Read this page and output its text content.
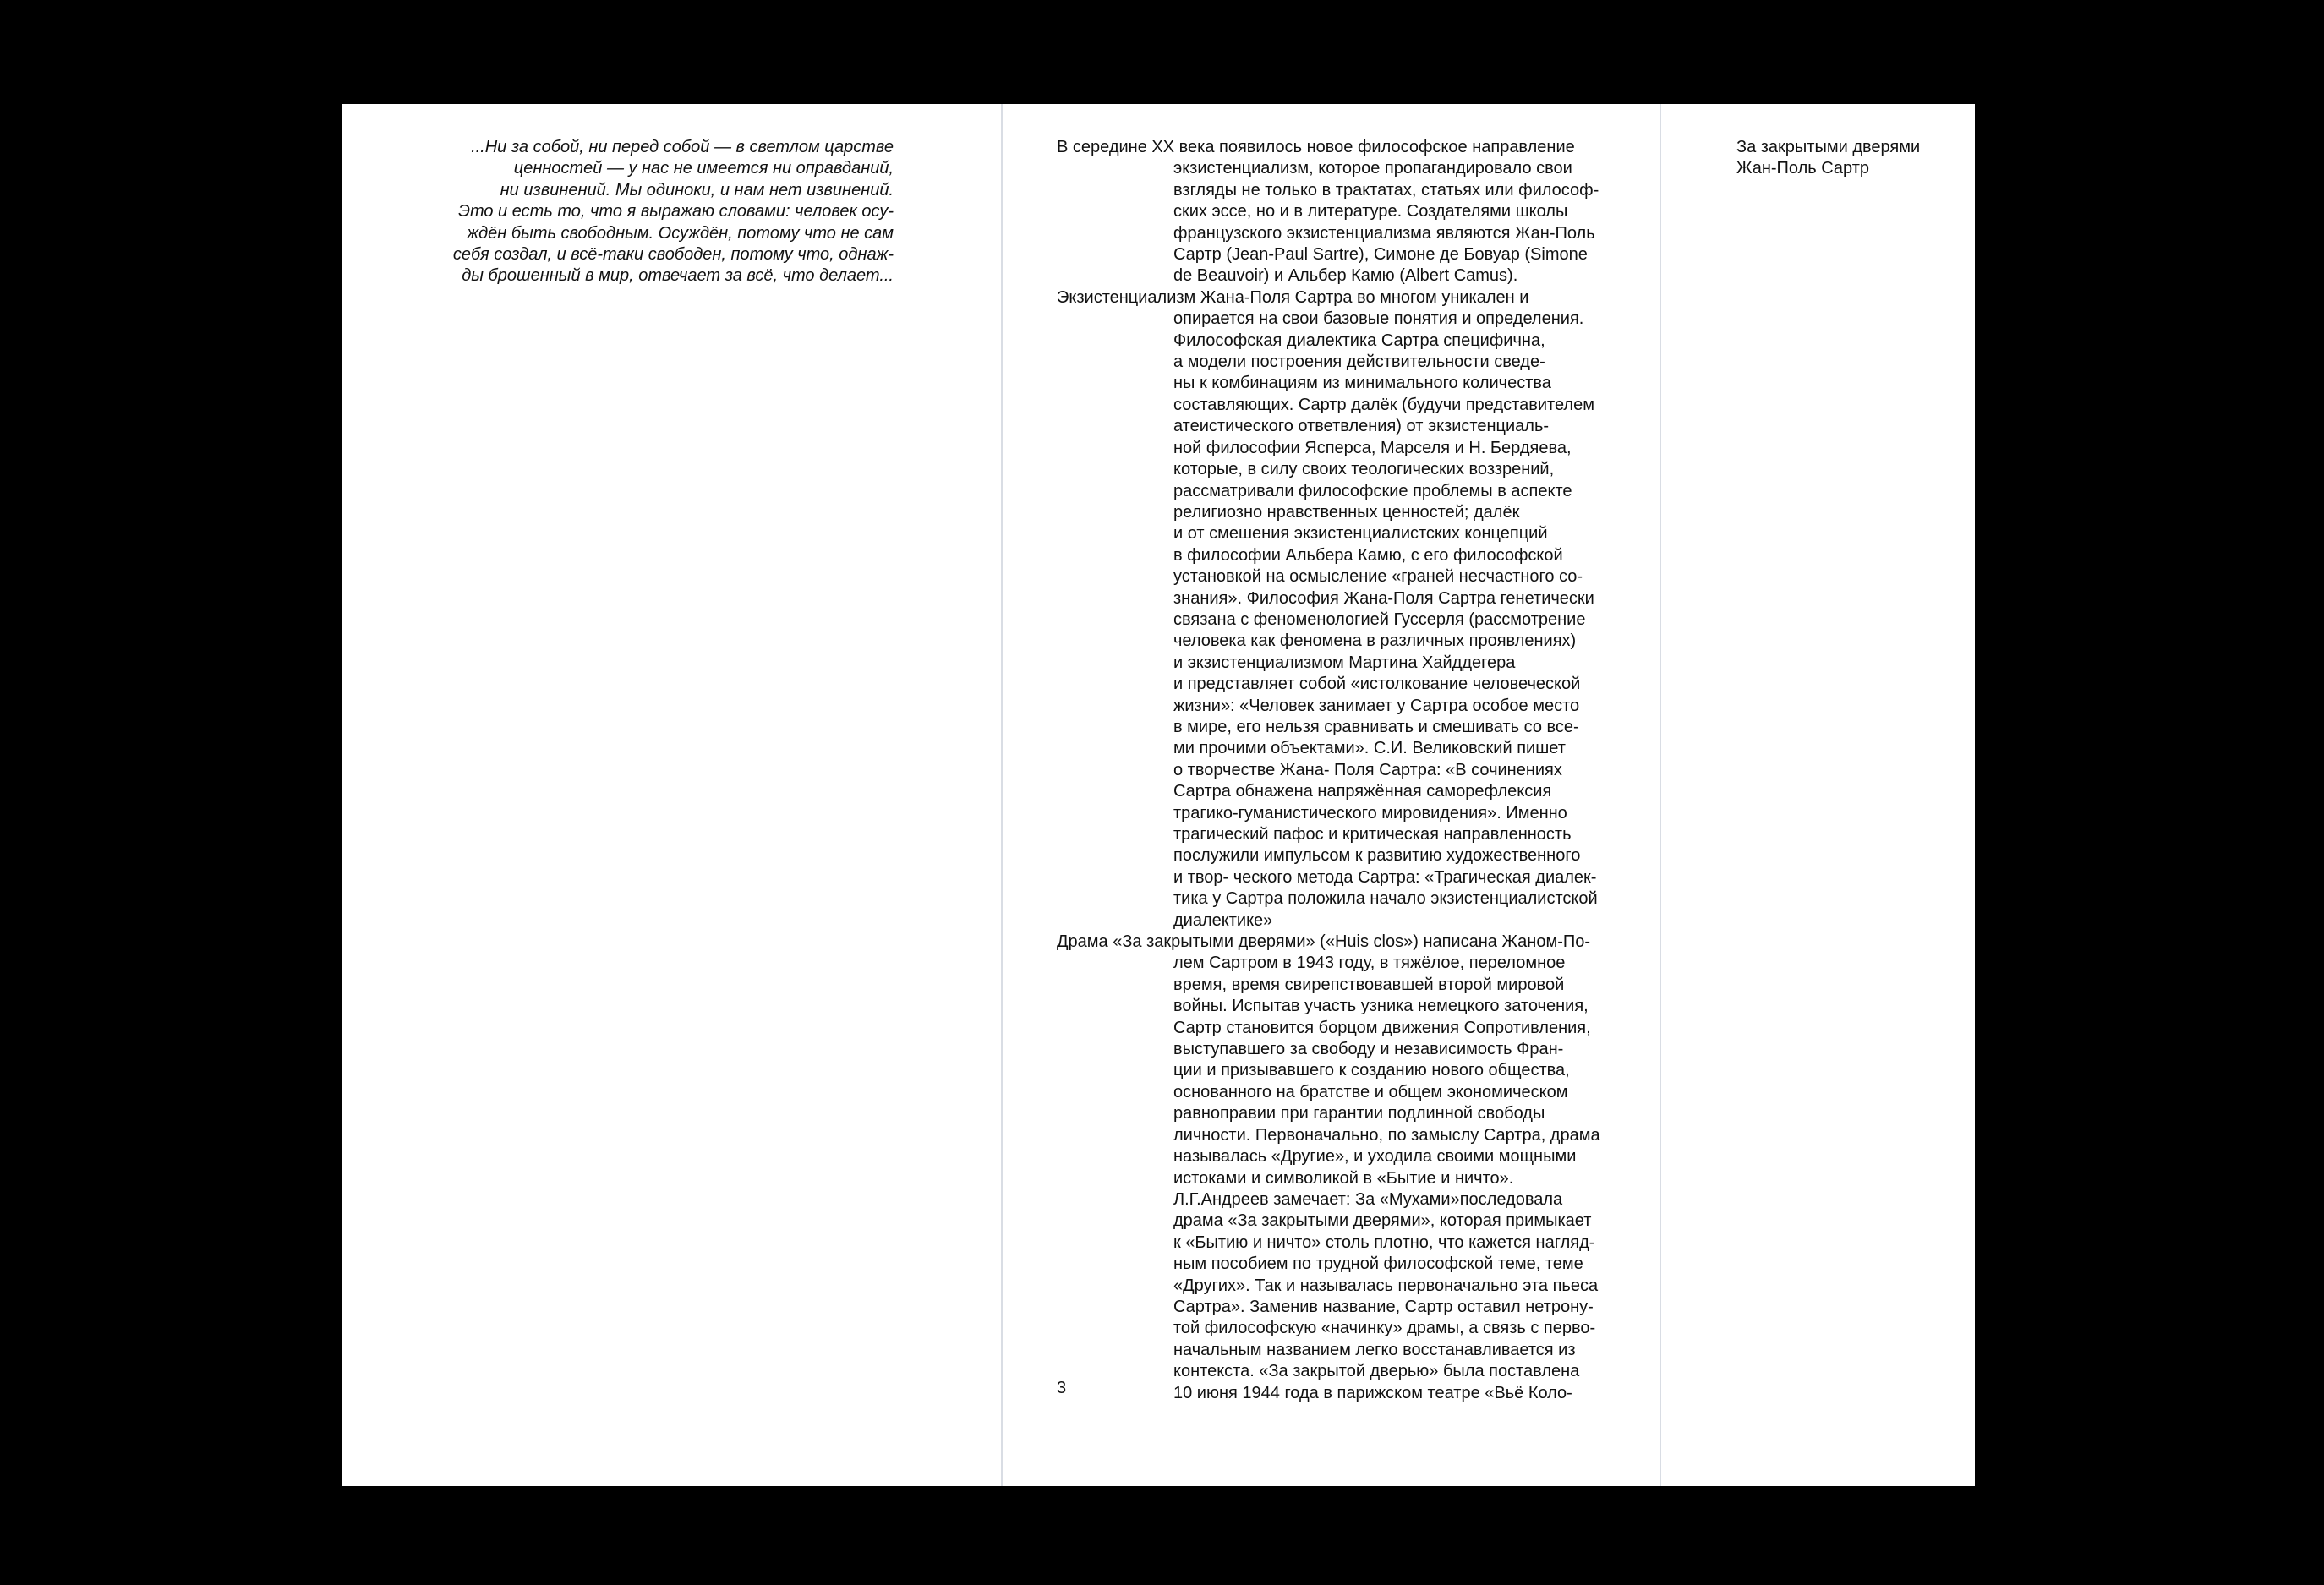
...Ни за собой, ни перед собой — в светлом царстве
ценностей — у нас не имеется ни оправданий,
ни извинений. Мы одиноки, и нам нет извинений.
Это и есть то, что я выражаю словами: человек осу-
ждён быть свободным. Осуждён, потому что не сам
себя создал, и всё-таки свободен, потому что, однаж-
ды брошенный в мир, отвечает за всё, что делает...

В середине XX века появилось новое философское направление
экзистенциализм, которое пропагандировало свои
взгляды не только в трактатах, статьях или философ-
ских эссе, но и в литературе. Создателями школы
французского экзистенциализма являются Жан-Поль
Сартр (Jean-Paul Sartre), Симоне де Бовуар (Simone
de Beauvoir) и Альбер Камю (Albert Camus).

Экзистенциализм Жана-Поля Сартра во многом уникален и
опирается на свои базовые понятия и определения.
Философская диалектика Сартра специфична,
а модели построения действительности сведе-
ны к комбинациям из минимального количества
составляющих. Сартр далёк (будучи представителем
атеистического ответвления) от экзистенциаль-
ной философии Ясперса, Марселя и Н. Бердяева,
которые, в силу своих теологических воззрений,
рассматривали философские проблемы в аспекте
религиозно нравственных ценностей; далёк
и от смешения экзистенциалистских концепций
в философии Альбера Камю, с его философской
установкой на осмысление «граней несчастного со-
знания». Философия Жана-Поля Сартра генетически
связана с феноменологией Гуссерля (рассмотрение
человека как феномена в различных проявлениях)
и экзистенциализмом Мартина Хайддегера
и представляет собой «истолкование человеческой
жизни»: «Человек занимает у Сартра особое место
в мире, его нельзя сравнивать и смешивать со все-
ми прочими объектами». С.И. Великовский пишет
о творчестве Жана- Поля Сартра: «В сочинениях
Сартра обнажена напряжённая саморефлексия
трагико-гуманистического мировидения». Именно
трагический пафос и критическая направленность
послужили импульсом к развитию художественного
и твор- ческого метода Сартра: «Трагическая диалек-
тика у Сартра положила начало экзистенциалистской
диалектике»

Драма «За закрытыми дверями» («Huis clos») написана Жаном-По-
лем Сартром в 1943 году, в тяжёлое, переломное
время, время свирепствовавшей второй мировой
войны. Испытав участь узника немецкого заточения,
Сартр становится борцом движения Сопротивления,
выступавшего за свободу и независимость Фран-
ции и призывавшего к созданию нового общества,
основанного на братстве и общем экономическом
равноправии при гарантии подлинной свободы
личности. Первоначально, по замыслу Сартра, драма
называлась «Другие», и уходила своими мощными
истоками и символикой в «Бытие и ничто».
Л.Г.Андреев замечает: За «Мухами»последовала
драма «За закрытыми дверями», которая примыкает
к «Бытию и ничто» столь плотно, что кажется нагляд-
ным пособием по трудной философской теме, теме
«Других». Так и называлась первоначально эта пьеса
Сартра». Заменив название, Сартр оставил нетрону-
той философскую «начинку» драмы, а связь с перво-
начальным названием легко восстанавливается из
контекста. «За закрытой дверью» была поставлена
10 июня 1944 года в парижском театре «Вьё Коло-

3
За закрытыми дверями
Жан-Поль Сартр
